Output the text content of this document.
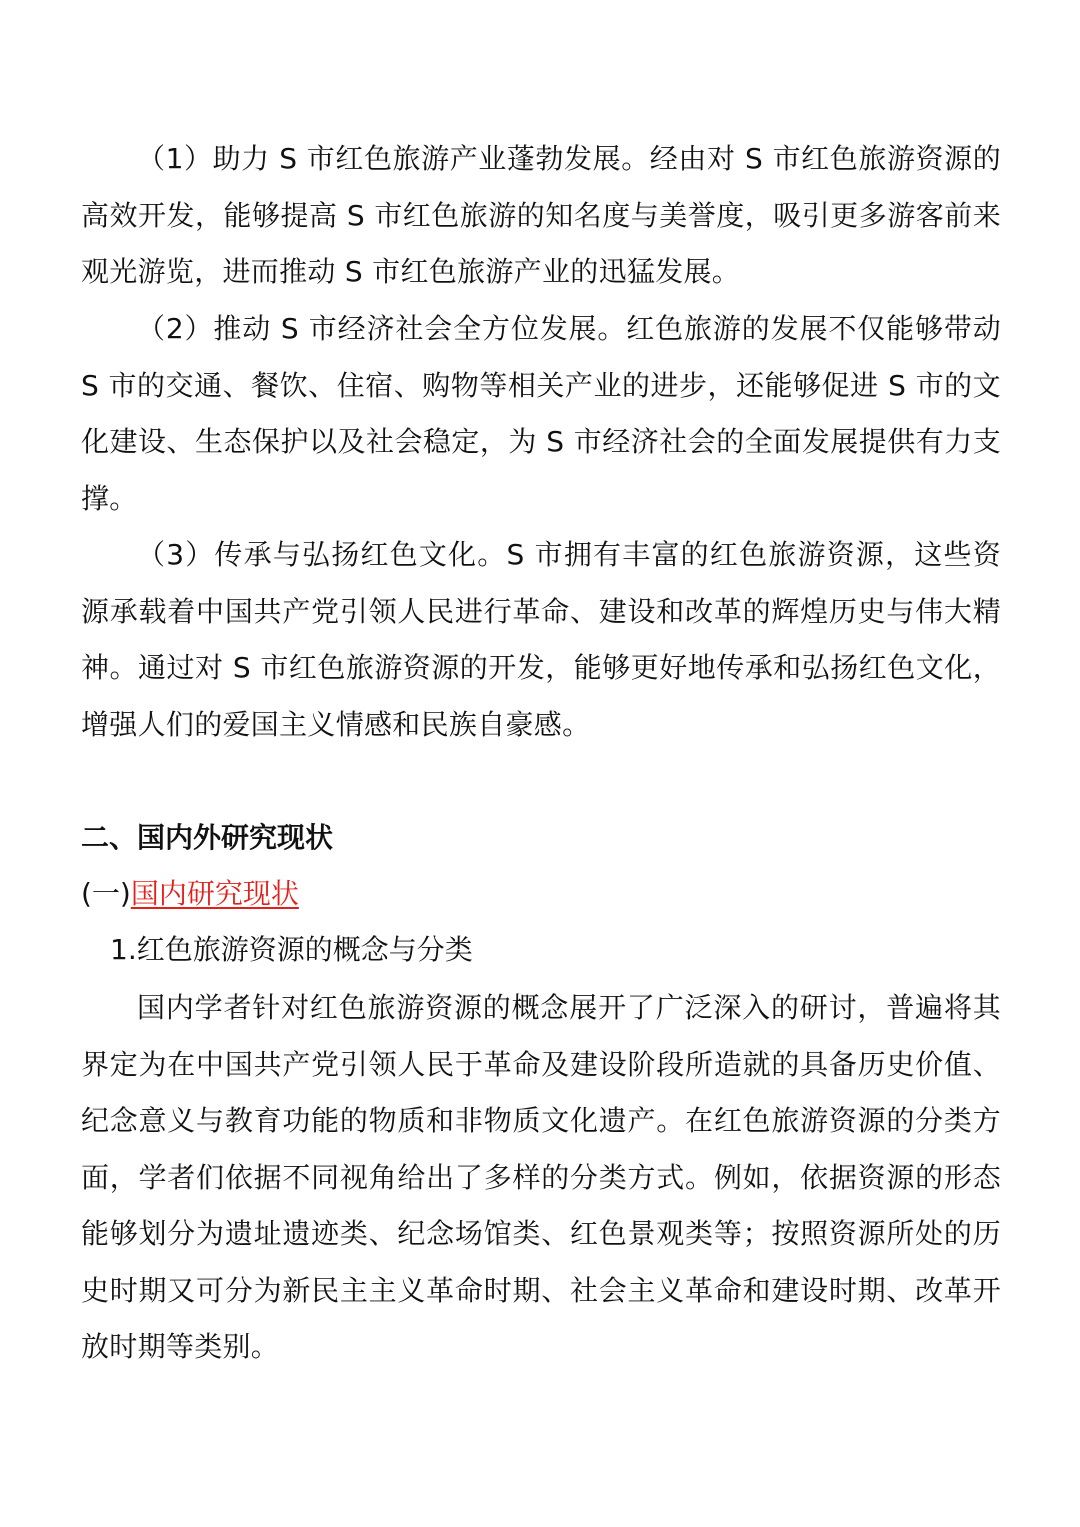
（1）助力 S 市红色旅游产业蓬勃发展。经由对 S 市红色旅游资源的高效开发，能够提高 S 市红色旅游的知名度与美誉度，吸引更多游客前来观光游览，进而推动 S 市红色旅游产业的迅猛发展。

（2）推动 S 市经济社会全方位发展。红色旅游的发展不仅能够带动 S 市的交通、餐饮、住宿、购物等相关产业的进步，还能够促进 S 市的文化建设、生态保护以及社会稳定，为 S 市经济社会的全面发展提供有力支撑。

（3）传承与弘扬红色文化。S 市拥有丰富的红色旅游资源，这些资源承载着中国共产党引领人民进行革命、建设和改革的辉煌历史与伟大精神。通过对 S 市红色旅游资源的开发，能够更好地传承和弘扬红色文化，增强人们的爱国主义情感和民族自豪感。

二、国内外研究现状
(一)国内研究现状
1.红色旅游资源的概念与分类

国内学者针对红色旅游资源的概念展开了广泛深入的研讨，普遍将其界定为在中国共产党引领人民于革命及建设阶段所造就的具备历史价值、纪念意义与教育功能的物质和非物质文化遗产。在红色旅游资源的分类方面，学者们依据不同视角给出了多样的分类方式。例如，依据资源的形态能够划分为遗址遗迹类、纪念场馆类、红色景观类等；按照资源所处的历史时期又可分为新民主主义革命时期、社会主义革命和建设时期、改革开放时期等类别。
